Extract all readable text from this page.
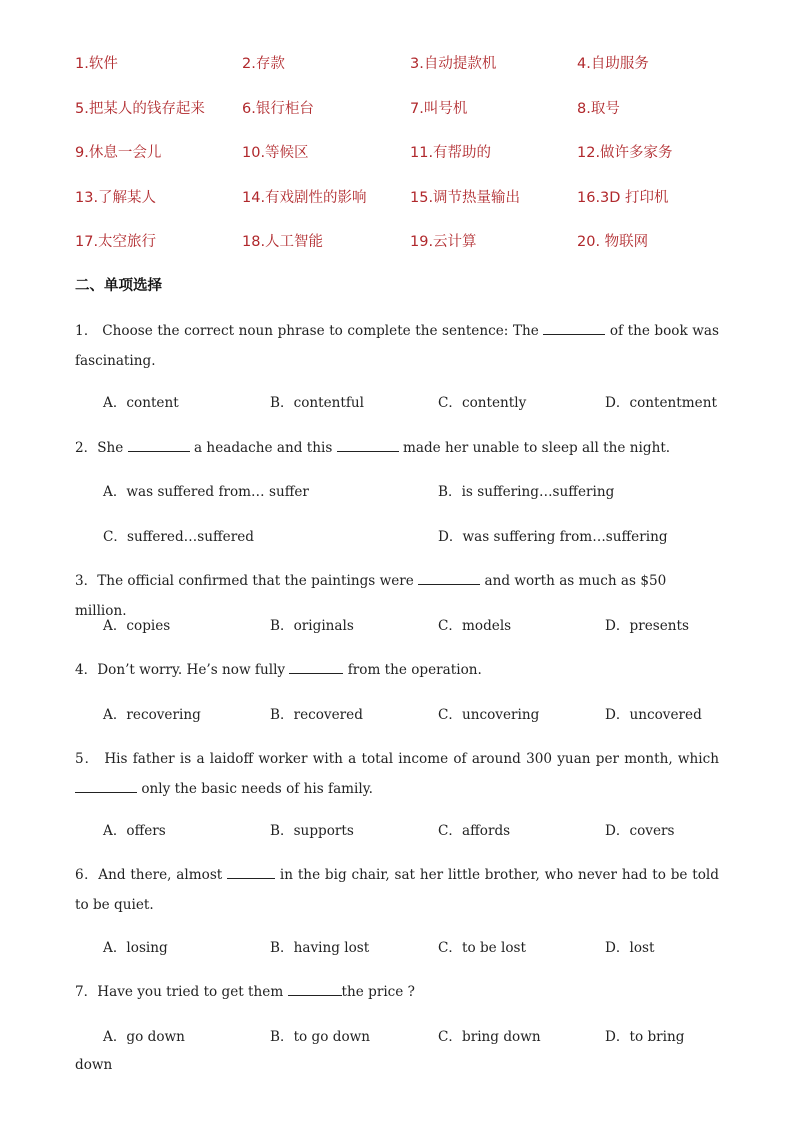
1.软件	2.存款	3.自动提款机	4.自助服务
5.把某人的钱存起来	6.银行柜台	7.叫号机	8.取号
9.休息一会儿	10.等候区	11.有帮助的	12.做许多家务
13.了解某人	14.有戏剧性的影响	15.调节热量输出	16.3D 打印机
17.太空旅行	18.人工智能	19.云计算	20. 物联网
二、单项选择
1． Choose the correct noun phrase to complete the sentence: The	of the book was fascinating.
A．content	B．contentful	C．contently	D．contentment
2．She	a headache and this	made her unable to sleep all the night.
A．was suffered from… suffer	B．is suffering…suffering
C．suffered…suffered	D．was suffering from…suffering
3．The official confirmed that the paintings were	and worth as much as $50 million.
A．copies	B．originals	C．models	D．presents
4．Don’t worry. He’s now fully	from the operation.
A．recovering	B．recovered	C．uncovering	D．uncovered
5． His father is a laidoff worker with a total income of around 300 yuan per month, which  only the basic needs of his family.
A．offers	B．supports	C．affords	D．covers
6．And there, almost	in the big chair, sat her little brother, who never had to be told to be quiet.
A．losing	B．having lost	C．to be lost	D．lost
7．Have you tried to get them	the price ?
A．go down	B．to go down	C．bring down	D．to bring
down
